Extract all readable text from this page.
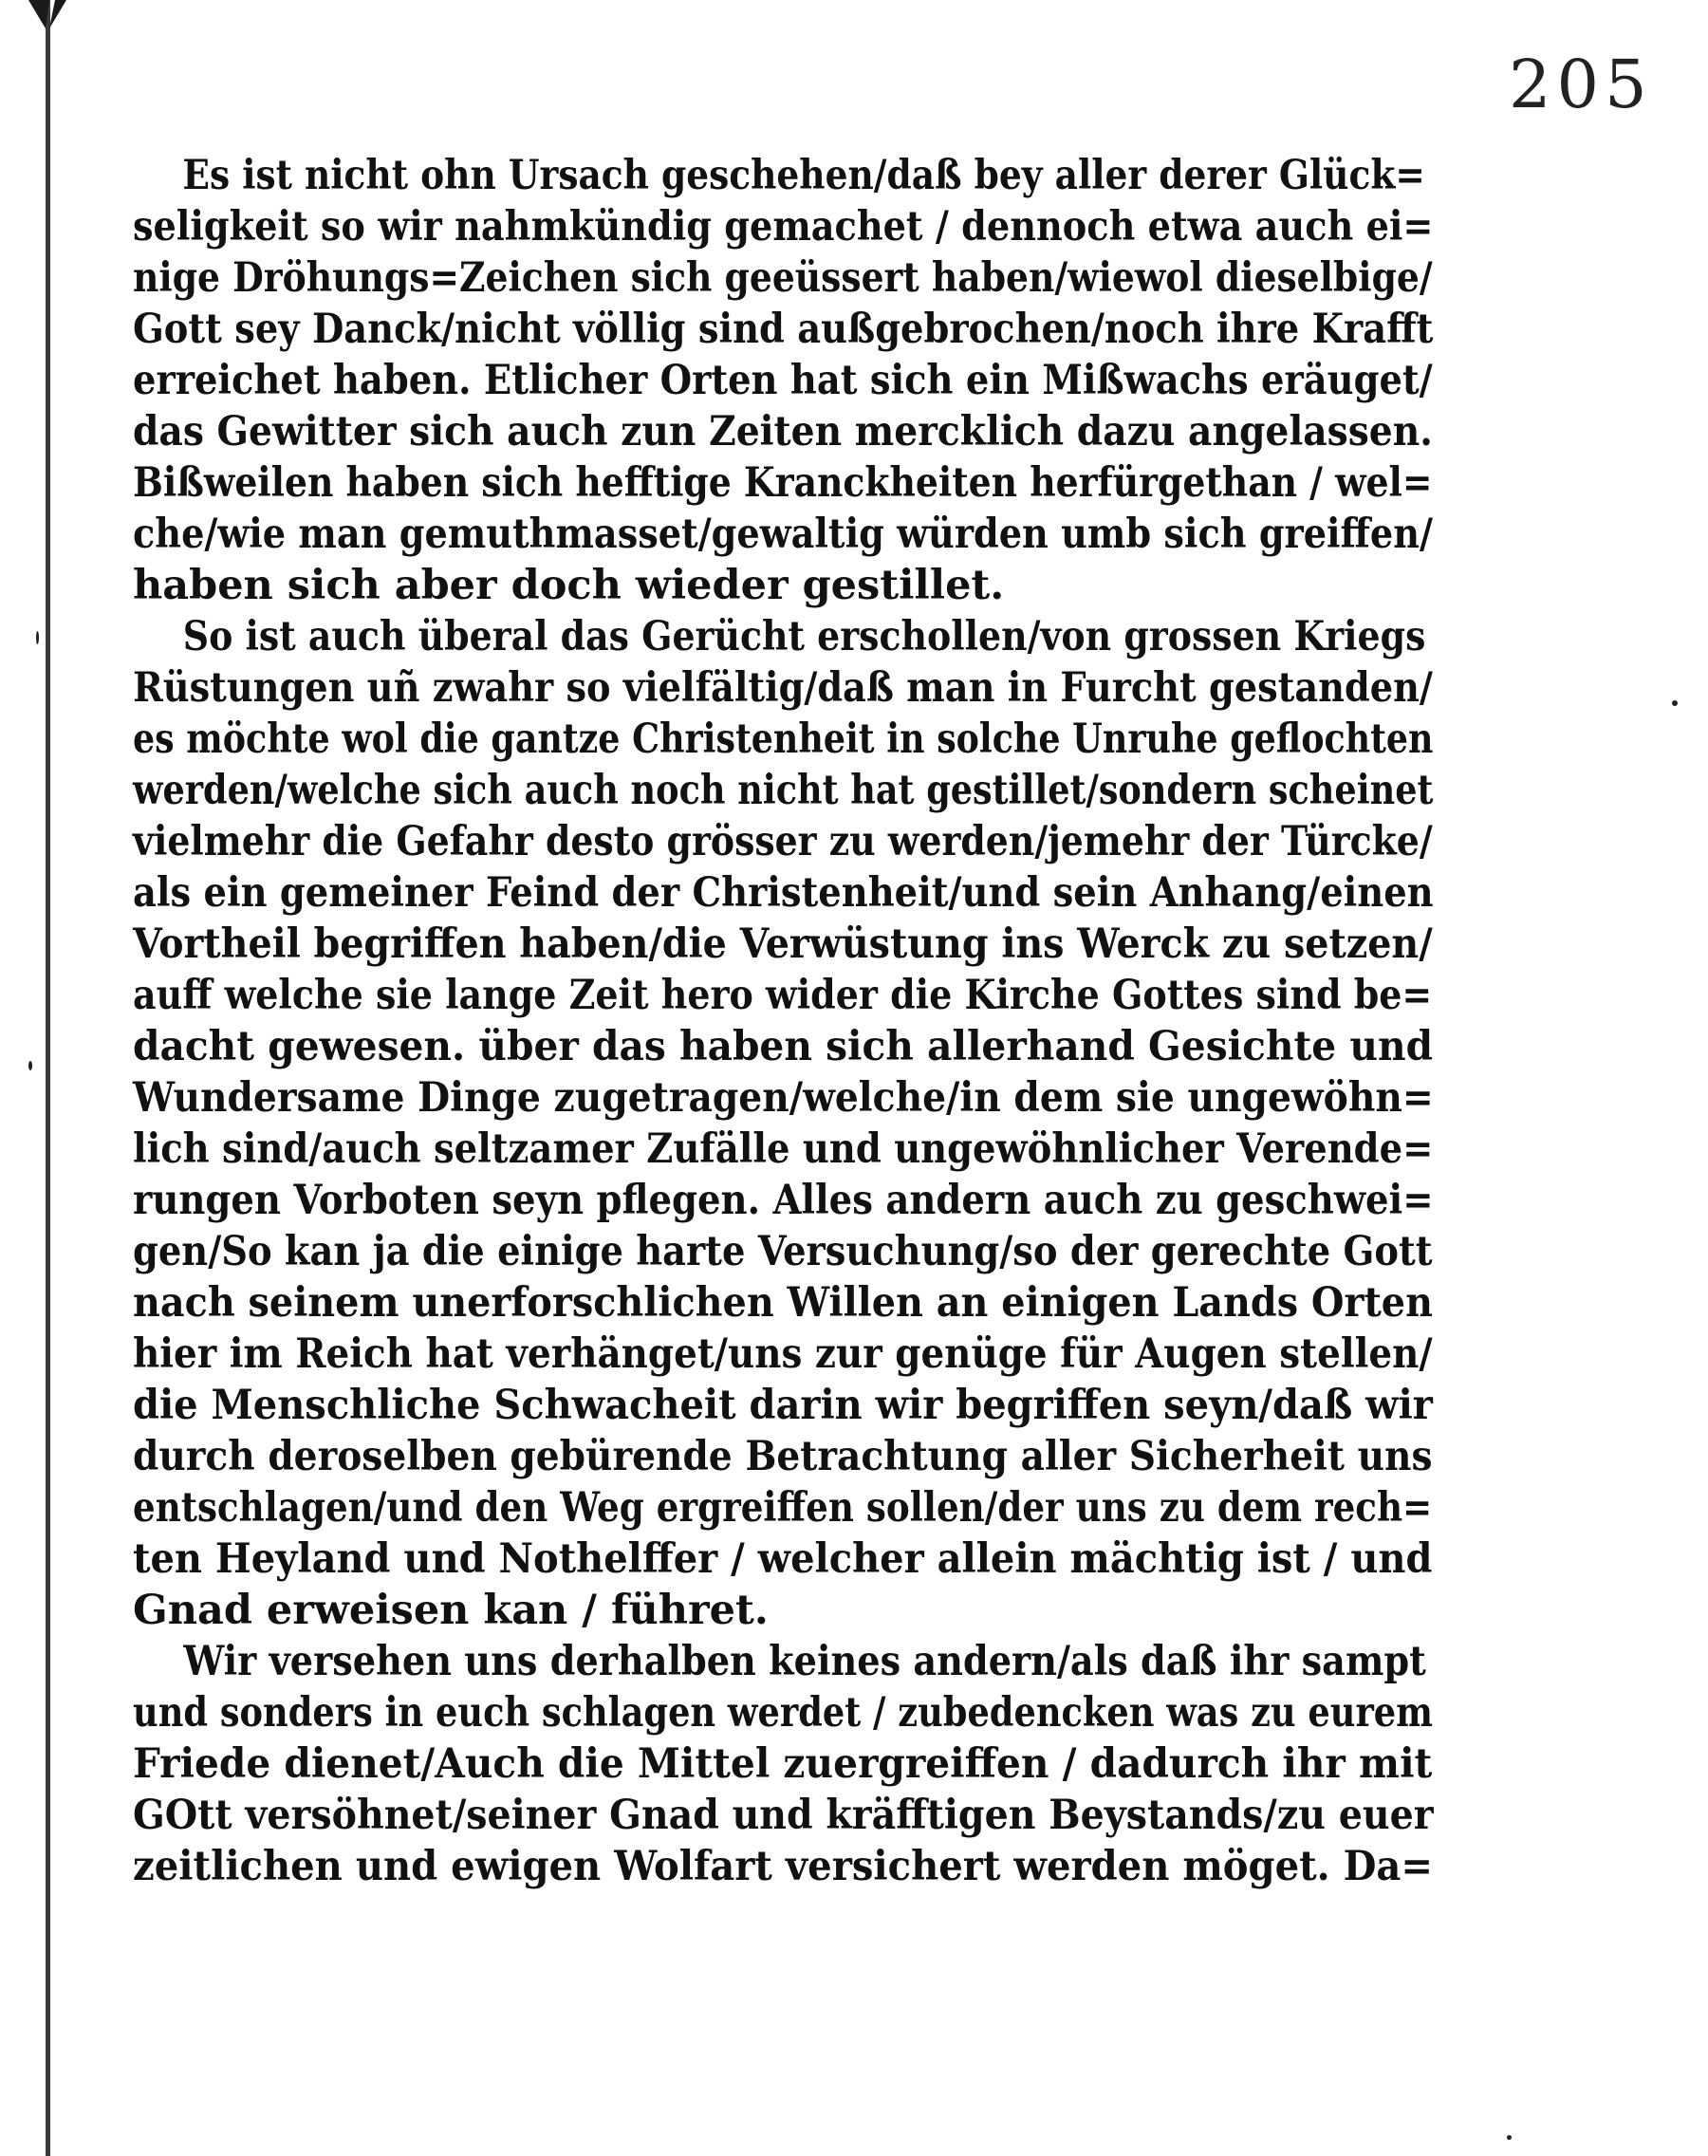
205
Es ist nicht ohn Ursach geschehen/daß bey aller derer Glück=
seligkeit so wir nahmkündig gemachet / dennoch etwa auch ei=
nige Dröhungs=Zeichen sich geeüssert haben/wiewol dieselbige/
Gott sey Danck/nicht völlig sind außgebrochen/noch ihre Krafft
erreichet haben. Etlicher Orten hat sich ein Mißwachs eräuget/
das Gewitter sich auch zun Zeiten mercklich dazu angelassen.
Bißweilen haben sich hefftige Kranckheiten herfürgethan / wel=
che/wie man gemuthmasset/gewaltig würden umb sich greiffen/
haben sich aber doch wieder gestillet.
So ist auch überal das Gerücht erschollen/von grossen Kriegs
Rüstungen uñ zwahr so vielfältig/daß man in Furcht gestanden/
es möchte wol die gantze Christenheit in solche Unruhe geflochten
werden/welche sich auch noch nicht hat gestillet/sondern scheinet
vielmehr die Gefahr desto grösser zu werden/jemehr der Türcke/
als ein gemeiner Feind der Christenheit/und sein Anhang/einen
Vortheil begriffen haben/die Verwüstung ins Werck zu setzen/
auff welche sie lange Zeit hero wider die Kirche Gottes sind be=
dacht gewesen. über das haben sich allerhand Gesichte und
Wundersame Dinge zugetragen/welche/in dem sie ungewöhn=
lich sind/auch seltzamer Zufälle und ungewöhnlicher Verende=
rungen Vorboten seyn pflegen. Alles andern auch zu geschwei=
gen/So kan ja die einige harte Versuchung/so der gerechte Gott
nach seinem unerforschlichen Willen an einigen Lands Orten
hier im Reich hat verhänget/uns zur genüge für Augen stellen/
die Menschliche Schwacheit darin wir begriffen seyn/daß wir
durch deroselben gebürende Betrachtung aller Sicherheit uns
entschlagen/und den Weg ergreiffen sollen/der uns zu dem rech=
ten Heyland und Nothelffer / welcher allein mächtig ist / und
Gnad erweisen kan / führet.
Wir versehen uns derhalben keines andern/als daß ihr sampt
und sonders in euch schlagen werdet / zubedencken was zu eurem
Friede dienet/Auch die Mittel zuergreiffen / dadurch ihr mit
GOtt versöhnet/seiner Gnad und kräfftigen Beystands/zu euer
zeitlichen und ewigen Wolfart versichert werden möget. Da=
